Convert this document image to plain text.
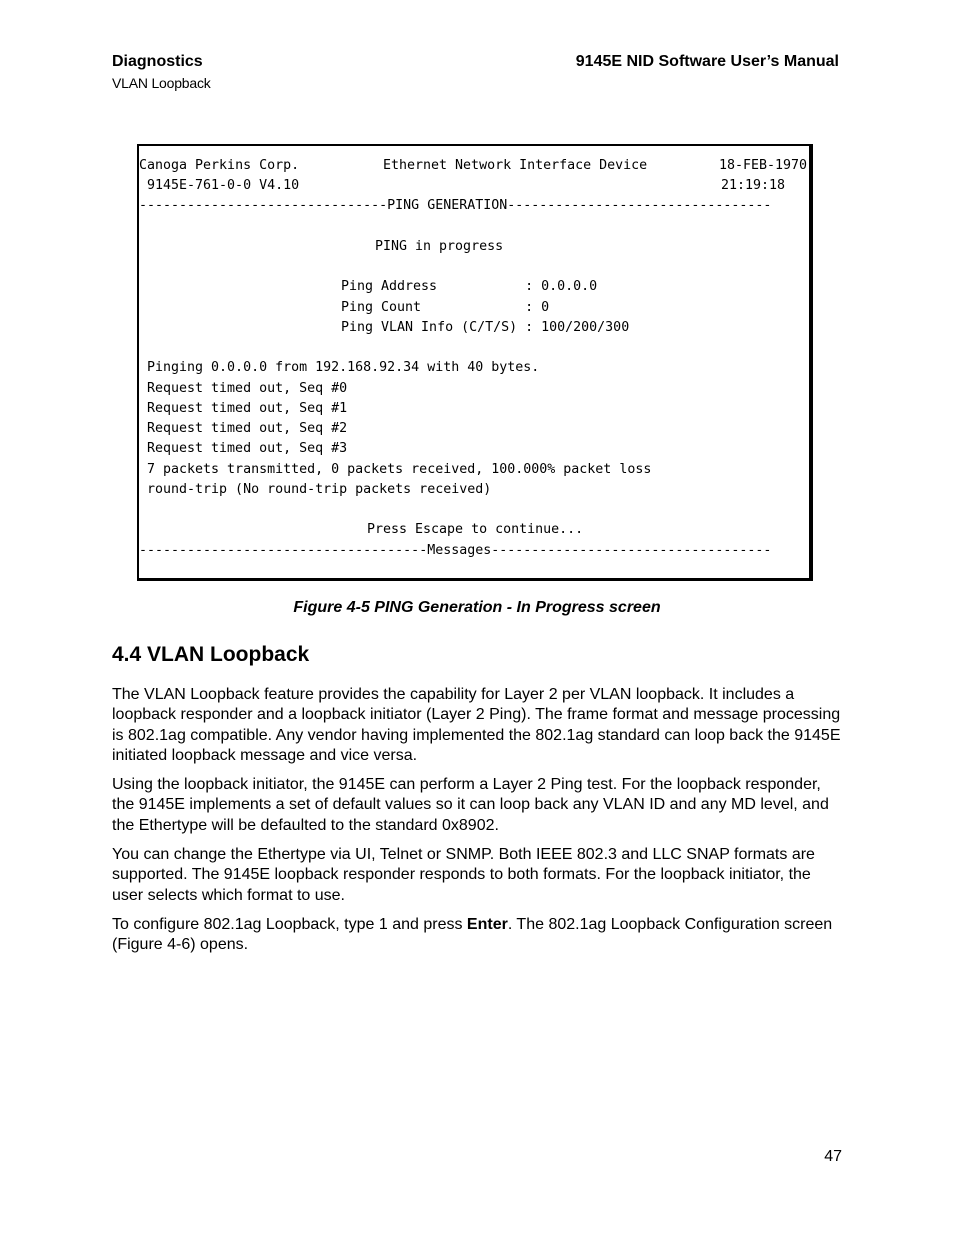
Diagnostics
VLAN Loopback
9145E NID Software User’s Manual
Canoga Perkins Corp.	Ethernet Network Interface Device	18-FEB-1970
9145E-761-0-0 V4.10	21:19:18
-------------------------------PING GENERATION---------------------------------
PING in progress
Ping Address           : 0.0.0.0
Ping Count             : 0
Ping VLAN Info (C/T/S) : 100/200/300
Pinging 0.0.0.0 from 192.168.92.34 with 40 bytes.
Request timed out, Seq #0
Request timed out, Seq #1
Request timed out, Seq #2
Request timed out, Seq #3
7 packets transmitted, 0 packets received, 100.000% packet loss
round-trip (No round-trip packets received)
Press Escape to continue...
------------------------------------Messages-----------------------------------
Figure 4-5 PING Generation - In Progress screen
4.4 VLAN Loopback

The VLAN Loopback feature provides the capability for Layer 2 per VLAN loopback. It includes a loopback responder and a loopback initiator (Layer 2 Ping). The frame format and message processing is 802.1ag compatible. Any vendor having implemented the 802.1ag standard can loop back the 9145E initiated loopback message and vice versa.

Using the loopback initiator, the 9145E can perform a Layer 2 Ping test. For the loopback responder, the 9145E implements a set of default values so it can loop back any VLAN ID and any MD level, and the Ethertype will be defaulted to the standard 0x8902.

You can change the Ethertype via UI, Telnet or SNMP. Both IEEE 802.3 and LLC SNAP formats are supported. The 9145E loopback responder responds to both formats. For the loopback initiator, the user selects which format to use.

To configure 802.1ag Loopback, type 1 and press Enter. The 802.1ag Loopback Configuration screen (Figure 4-6) opens.

47
